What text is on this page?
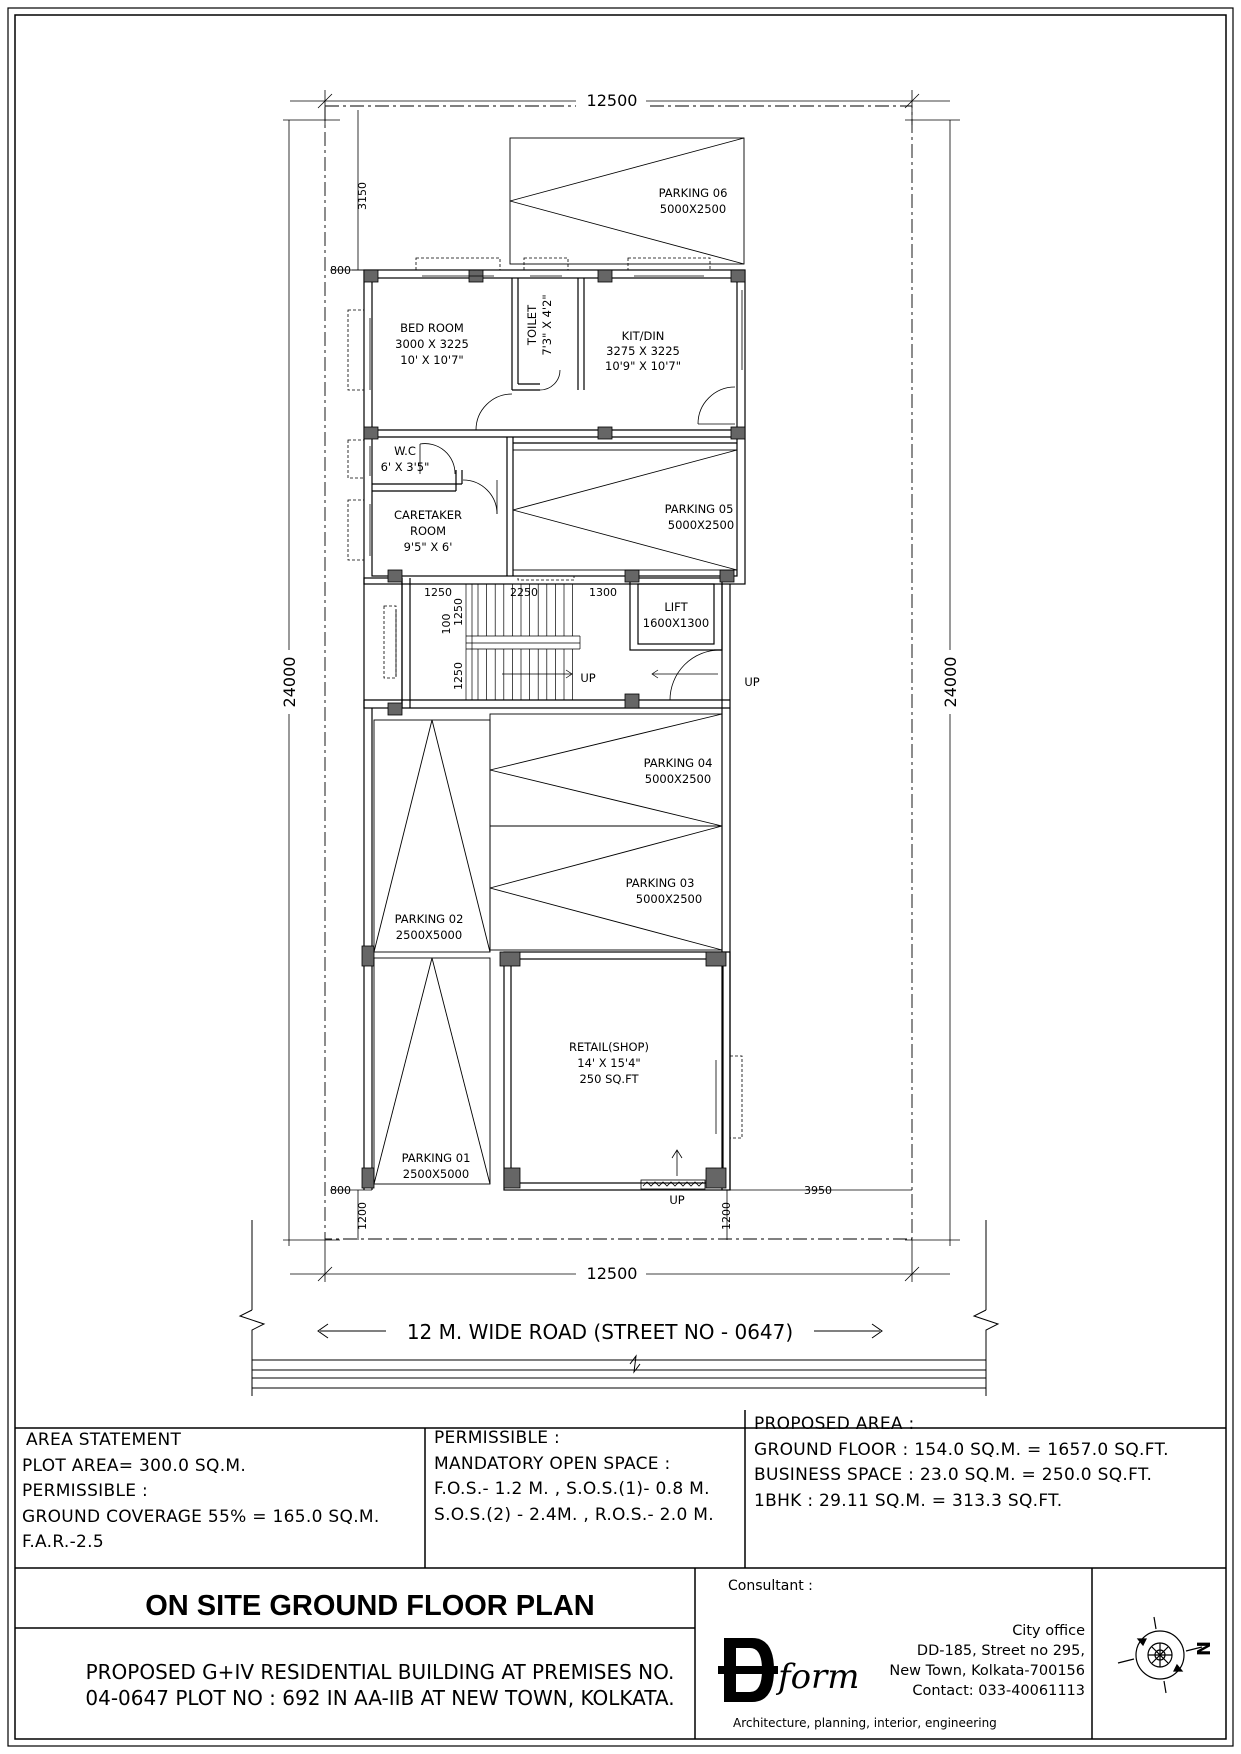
12500
12500
24000	24000
3150
800
800
1200	1200
3950
1250	2250	1300
1250
1250
100
PARKING 06
5000X2500
BED ROOM
3000 X 3225
10' X 10'7"
TOILET 7'3" X 4'2"	KIT/DIN
3275 X 3225
10'9" X 10'7"
W.C
6' X 3'5"
CARETAKER
ROOM
9'5" X 6'
PARKING 05
5000X2500
LIFT
1600X1300
PARKING 04
5000X2500
PARKING 03
5000X2500
PARKING 02
2500X5000
PARKING 01
2500X5000
RETAIL(SHOP)
14' X 15'4"
250 SQ.FT
UP	UP
UP
12 M. WIDE ROAD (STREET NO - 0647)
N
AREA STATEMENT
PLOT AREA= 300.0 SQ.M.
PERMISSIBLE :
GROUND COVERAGE 55% = 165.0 SQ.M.
F.A.R.-2.5
PERMISSIBLE :
MANDATORY OPEN SPACE :
F.O.S.- 1.2 M. , S.O.S.(1)- 0.8 M.
S.O.S.(2) - 2.4M. , R.O.S.- 2.0 M.
PROPOSED AREA :
GROUND FLOOR : 154.0 SQ.M. = 1657.0 SQ.FT.
BUSINESS SPACE : 23.0 SQ.M. = 250.0 SQ.FT.
1BHK : 29.11 SQ.M. = 313.3 SQ.FT.
ON SITE GROUND FLOOR PLAN
PROPOSED G+IV RESIDENTIAL BUILDING AT PREMISES NO.
04-0647 PLOT NO : 692 IN AA-IIB AT NEW TOWN, KOLKATA.
Consultant :
form
City office
DD-185, Street no 295,
New Town, Kolkata-700156
Contact: 033-40061113
Architecture, planning, interior, engineering
